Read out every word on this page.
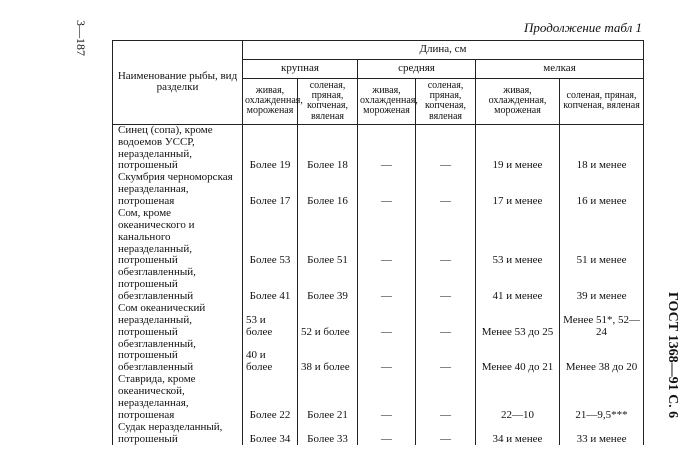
3—187
ГОСТ 1368—91 С. 6
Продолжение табл 1
Наименование рыбы, вид разделки	Длина, см					
	крупная		средняя		мелкая	
	живая, охлажденная, мороженая	соленая, пряная, копченая, вяленая	живая, охлажденная, мороженая	соленая, пряная, копченая, вяленая	живая, охлажденная, мороженая	соленая, пряная, копченая, вяленая
Синец (сопа), кроме водоемов УССР, неразделанный, потрошеный	Более 19	Более 18	—	—	19 и менее	18 и менее
Скумбрия черноморская неразделанная, потрошеная	Более 17	Более 16	—	—	17 и менее	16 и менее
Сом, кроме океанического и канального неразделанный, потрошеный	Более 53	Более 51	—	—	53 и менее	51 и менее
обезглавленный, потрошеный обезглавленный	Более 41	Более 39	—	—	41 и менее	39 и менее
Сом океанический неразделанный, потрошеный	53 и более	52 и более	—	—	Менее 53 до 25	Менее 51*, 52—24
обезглавленный, потрошеный обезглавленный	40 и более	38 и более	—	—	Менее 40 до 21	Менее 38 до 20
Ставрида, кроме океанической, неразделанная, потрошеная	Более 22	Более 21	—	—	22—10	21—9,5***
Судак неразделанный, потрошеный	Более 34	Более 33	—	—	34 и менее	33 и менее
